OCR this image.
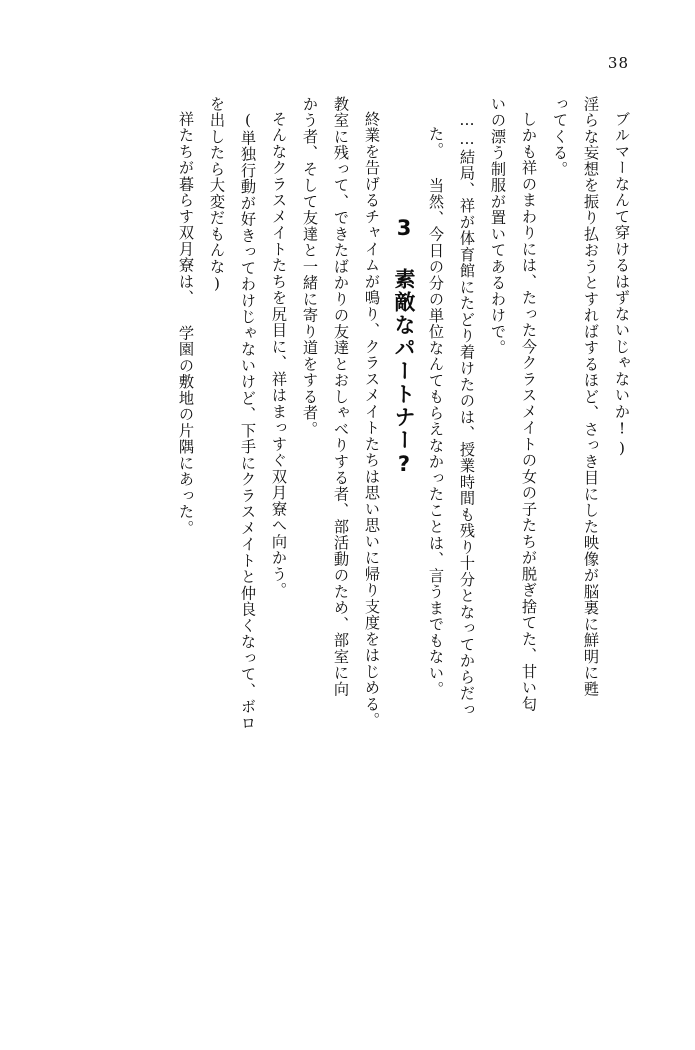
38
ブルマーなんて穿けるはずないじゃないか!)
淫らな妄想を振り払おうとすればするほど、さっき目にした映像が脳裏に鮮明に甦
ってくる。
しかも祥のまわりには、たった今クラスメイトの女の子たちが脱ぎ捨てた、甘い匂
いの漂う制服が置いてあるわけで。
……結局、祥が体育館にたどり着けたのは、授業時間も残り十分となってからだっ
た。 当然、今日の分の単位なんてもらえなかったことは、言うまでもない。
3 素敵なパートナー?
終業を告げるチャイムが鳴り、クラスメイトたちは思い思いに帰り支度をはじめる。
教室に残って、できたばかりの友達とおしゃべりする者、部活動のため、部室に向
かう者、そして友達と一緒に寄り道をする者。
そんなクラスメイトたちを尻目に、祥はまっすぐ双月寮へ向かう。
(単独行動が好きってわけじゃないけど、下手にクラスメイトと仲良くなって、ボロ
を出したら大変だもんな)
祥たちが暮らす双月寮は、 学園の敷地の片隅にあった。
